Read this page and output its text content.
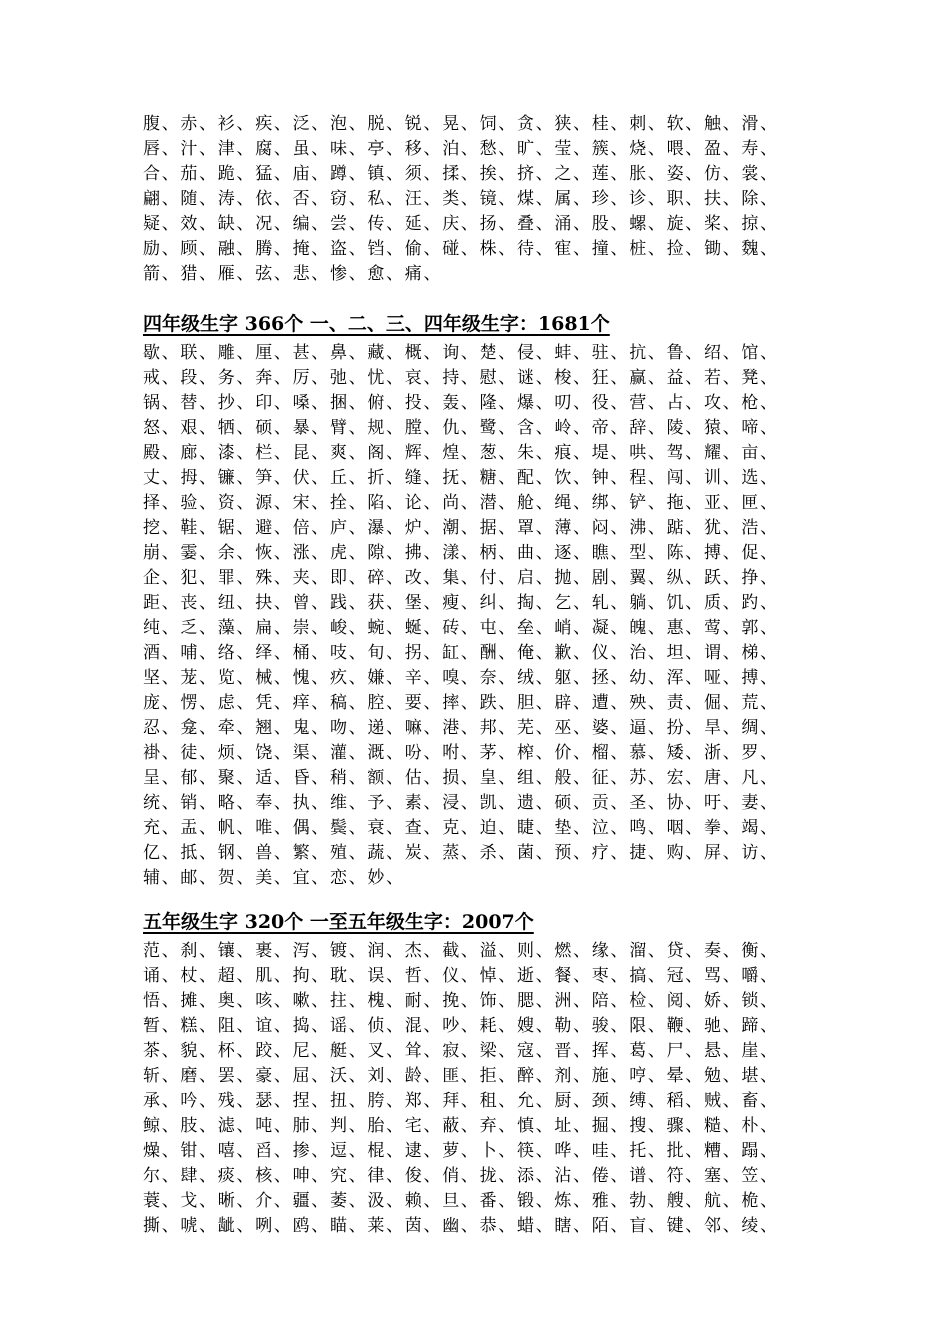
腹、赤、衫、疾、泛、泡、脱、锐、晃、饲、贪、狭、桂、刺、软、触、滑、
唇、汁、津、腐、虽、味、亭、移、泊、愁、旷、莹、簇、烧、喂、盈、寿、
合、茄、跪、猛、庙、蹲、镇、须、揉、挨、挤、之、莲、胀、姿、仿、裳、
翩、随、涛、依、否、窃、私、汪、类、镜、煤、属、珍、诊、职、扶、除、
疑、效、缺、况、编、尝、传、延、庆、扬、叠、涌、股、螺、旋、桨、掠、
励、顾、融、腾、掩、盗、铛、偷、碰、株、待、寉、撞、桩、捡、锄、魏、
箭、猎、雁、弦、悲、惨、愈、痛、
四年级生字 366个 一、二、三、四年级生字：1681个
歇、联、雕、厘、甚、鼻、藏、概、询、楚、侵、蚌、驻、抗、鲁、绍、馆、
戒、段、务、奔、厉、弛、忧、哀、持、慰、谜、梭、狂、赢、益、若、凳、
锅、替、抄、印、嗓、捆、俯、投、轰、隆、爆、叨、役、营、占、攻、枪、
怒、艰、牺、硕、暴、臂、规、膛、仇、鹭、含、岭、帝、辞、陵、猿、啼、
殿、廊、漆、栏、昆、爽、阁、辉、煌、葱、朱、痕、堤、哄、驾、耀、亩、
丈、拇、镰、笋、伏、丘、折、缝、抚、糖、配、饮、钟、程、闯、训、选、
择、验、资、源、宋、拴、陷、论、尚、潜、舱、绳、绑、铲、拖、亚、匣、
挖、鞋、锯、避、倍、庐、瀑、炉、潮、据、罩、薄、闷、沸、踮、犹、浩、
崩、霎、余、恢、涨、虎、隙、拂、漾、柄、曲、逐、瞧、型、陈、搏、促、
企、犯、罪、殊、夹、即、碎、改、集、付、启、抛、剧、翼、纵、跃、挣、
距、丧、纽、抉、曾、践、获、堡、瘦、纠、掏、乞、轧、躺、饥、质、趵、
纯、乏、藻、扁、崇、峻、蜿、蜒、砖、屯、垒、峭、凝、魄、惠、莺、郭、
酒、哺、络、绎、桶、吱、旬、拐、缸、酬、俺、歉、仪、治、坦、谓、梯、
坚、茏、览、械、愧、疚、嫌、辛、嗅、奈、绒、躯、拯、幼、浑、哑、搏、
庞、愣、虑、凭、痒、稿、腔、要、摔、跌、胆、辟、遭、殃、责、倔、荒、
忍、龛、牵、翘、鬼、吻、递、嘛、港、邦、芜、巫、婆、逼、扮、旱、绸、
褂、徒、烦、饶、渠、灌、溉、吩、咐、茅、榨、价、榴、慕、矮、浙、罗、
呈、郁、聚、适、昏、稍、额、估、损、皇、组、般、征、苏、宏、唐、凡、
统、销、略、奉、执、维、予、素、浸、凯、遗、硕、贡、圣、协、吁、妻、
充、盂、帆、唯、偶、鬓、衰、查、克、迫、睫、垫、泣、鸣、咽、拳、竭、
亿、抵、钢、兽、繁、殖、蔬、炭、蒸、杀、菌、预、疗、捷、购、屏、访、
辅、邮、贺、美、宜、恋、妙、
五年级生字 320个 一至五年级生字：2007个
范、刹、镶、裹、泻、镀、润、杰、截、溢、则、燃、缘、溜、贷、奏、衡、
诵、杖、超、肌、拘、耽、误、哲、仪、悼、逝、餐、枣、搞、冠、骂、嚼、
悟、摊、奥、咳、嗽、拄、槐、耐、挽、饰、腮、洲、陪、检、阅、娇、锁、
暂、糕、阻、谊、捣、谣、侦、混、吵、耗、嫂、勒、骏、限、鞭、驰、蹄、
茶、貌、杯、跤、尼、艇、叉、耸、寂、梁、寇、晋、挥、葛、尸、悬、崖、
斩、磨、罢、豪、屈、沃、刘、龄、匪、拒、醉、剂、施、哼、晕、勉、堪、
承、吟、残、瑟、捏、扭、胯、郑、拜、租、允、厨、颈、缚、稻、贼、畜、
鲸、肢、滤、吨、肺、判、胎、宅、蔽、弃、慎、址、掘、搜、骤、糙、朴、
燥、钳、嘻、舀、掺、逗、棍、逮、萝、卜、筷、哗、哇、托、批、糟、蹋、
尔、肆、痰、核、呻、究、律、俊、俏、拢、添、沾、倦、谱、符、塞、笠、
蓑、戈、晰、介、疆、萎、汲、赖、旦、番、锻、炼、雅、勃、艘、航、桅、
撕、唬、龇、咧、鸥、瞄、莱、茵、幽、恭、蜡、瞎、陌、盲、键、邻、绫、
